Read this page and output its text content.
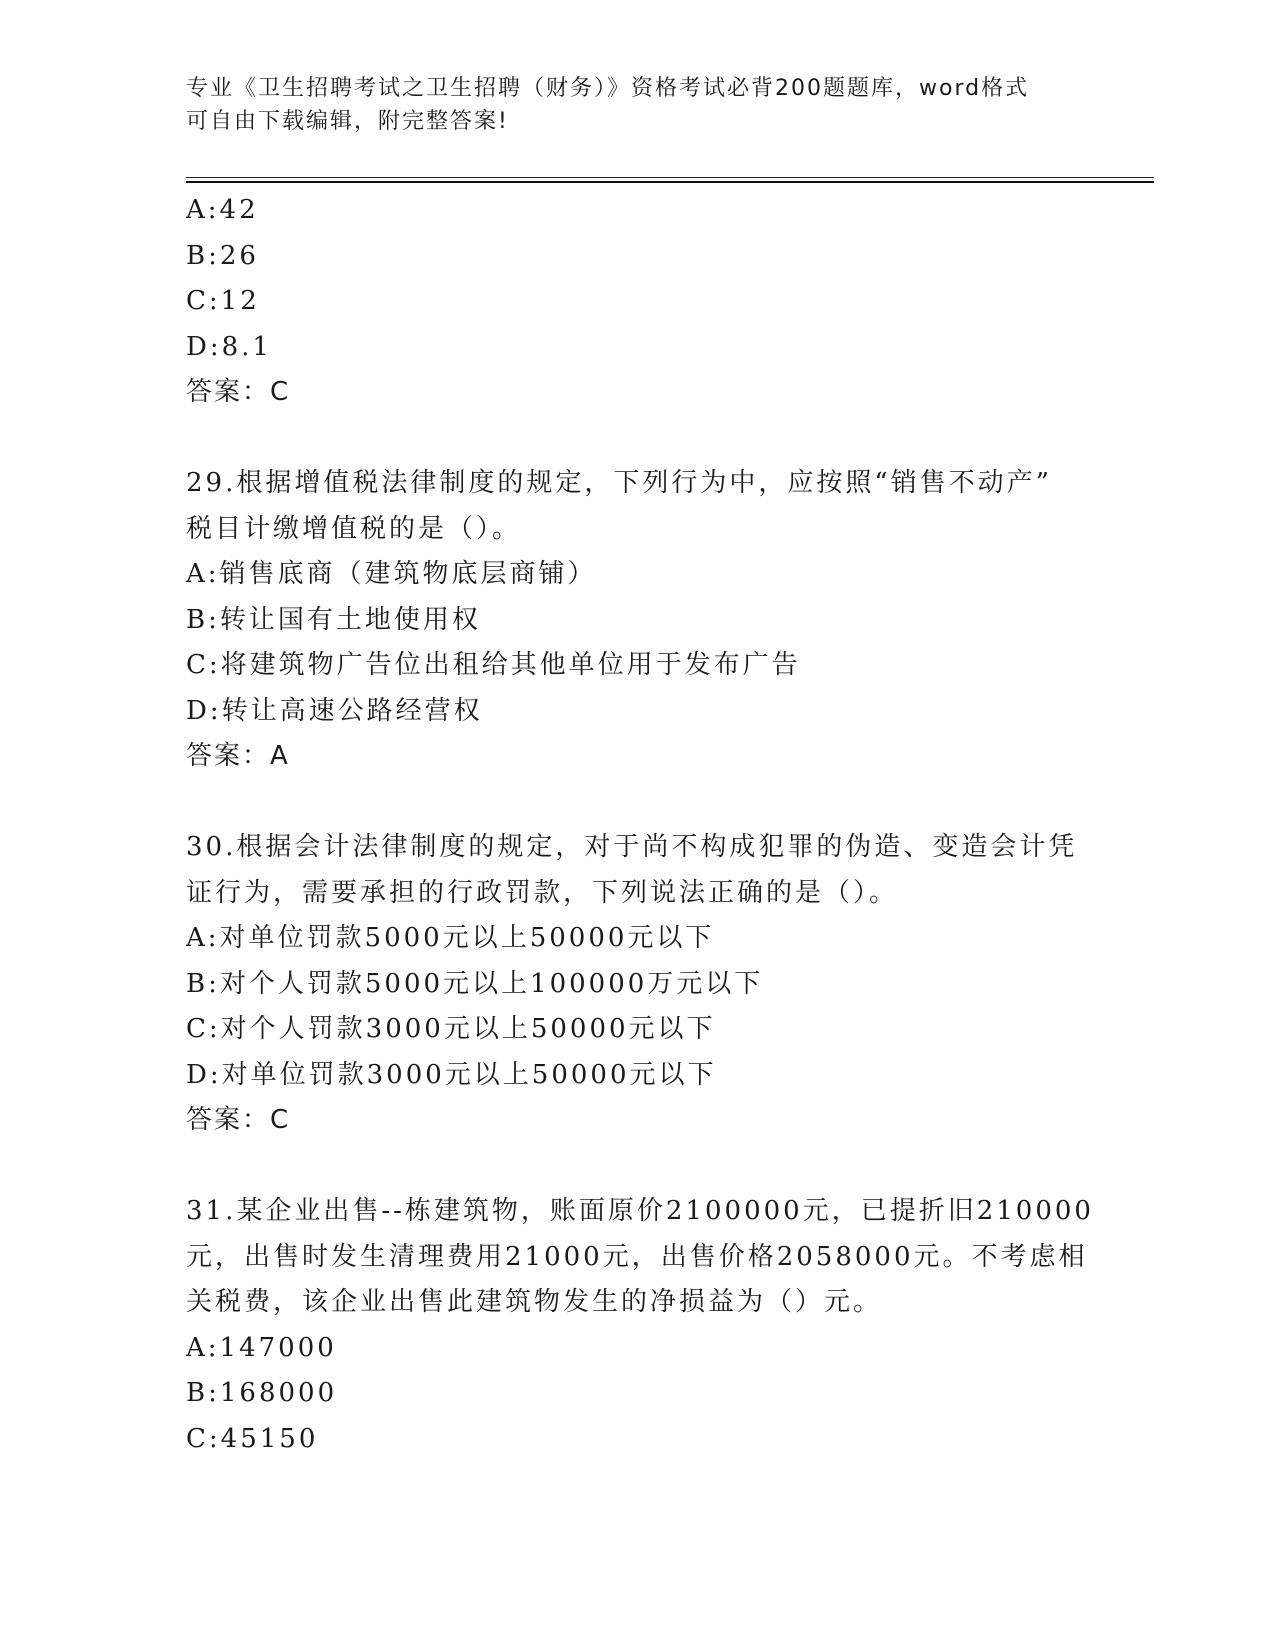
专业《卫生招聘考试之卫生招聘（财务）》资格考试必背200题题库，word格式
可自由下载编辑，附完整答案!
A:42
B:26
C:12
D:8.1
答案：C
29.根据增值税法律制度的规定，下列行为中，应按照“销售不动产”
税目计缴增值税的是（）。
A:销售底商（建筑物底层商铺）
B:转让国有土地使用权
C:将建筑物广告位出租给其他单位用于发布广告
D:转让高速公路经营权
答案：A
30.根据会计法律制度的规定，对于尚不构成犯罪的伪造、变造会计凭
证行为，需要承担的行政罚款，下列说法正确的是（）。
A:对单位罚款5000元以上50000元以下
B:对个人罚款5000元以上100000万元以下
C:对个人罚款3000元以上50000元以下
D:对单位罚款3000元以上50000元以下
答案：C
31.某企业出售--栋建筑物，账面原价2100000元，已提折旧210000
元，出售时发生清理费用21000元，出售价格2058000元。不考虑相
关税费，该企业出售此建筑物发生的净损益为（）元。
A:147000
B:168000
C:45150
